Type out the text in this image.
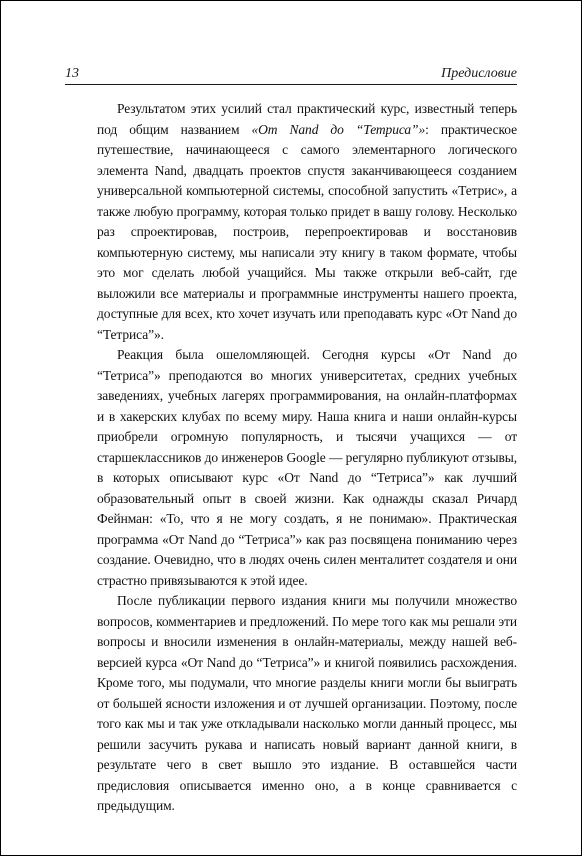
13	Предисловие

Результатом этих усилий стал практический курс, известный теперь под общим названием «От Nand до “Тетриса”»: практическое путешествие, начинающееся с самого элементарного логического элемента Nand, двадцать проектов спустя заканчивающееся созданием универсальной компьютерной системы, способной запустить «Тетрис», а также любую программу, которая только придет в вашу голову. Несколько раз спроектировав, построив, перепроектировав и восстановив компьютерную систему, мы написали эту книгу в таком формате, чтобы это мог сделать любой учащийся. Мы также открыли веб-сайт, где выложили все материалы и программные инструменты нашего проекта, доступные для всех, кто хочет изучать или преподавать курс «От Nand до “Тетриса”».

Реакция была ошеломляющей. Сегодня курсы «От Nand до “Тетриса”» преподаются во многих университетах, средних учебных заведениях, учебных лагерях программирования, на онлайн-платформах и в хакерских клубах по всему миру. Наша книга и наши онлайн-курсы приобрели огромную популярность, и тысячи учащихся — от старшеклассников до инженеров Google — регулярно публикуют отзывы, в которых описывают курс «От Nand до “Тетриса”» как лучший образовательный опыт в своей жизни. Как однажды сказал Ричард Фейнман: «То, что я не могу создать, я не понимаю». Практическая программа «От Nand до “Тетриса”» как раз посвящена пониманию через создание. Очевидно, что в людях очень силен менталитет создателя и они страстно привязываются к этой идее.

После публикации первого издания книги мы получили множество вопросов, комментариев и предложений. По мере того как мы решали эти вопросы и вносили изменения в онлайн-материалы, между нашей веб-версией курса «От Nand до “Тетриса”» и книгой появились расхождения. Кроме того, мы подумали, что многие разделы книги могли бы выиграть от большей ясности изложения и от лучшей организации. Поэтому, после того как мы и так уже откладывали насколько могли данный процесс, мы решили засучить рукава и написать новый вариант данной книги, в результате чего в свет вышло это издание. В оставшейся части предисловия описывается именно оно, а в конце сравнивается с предыдущим.
